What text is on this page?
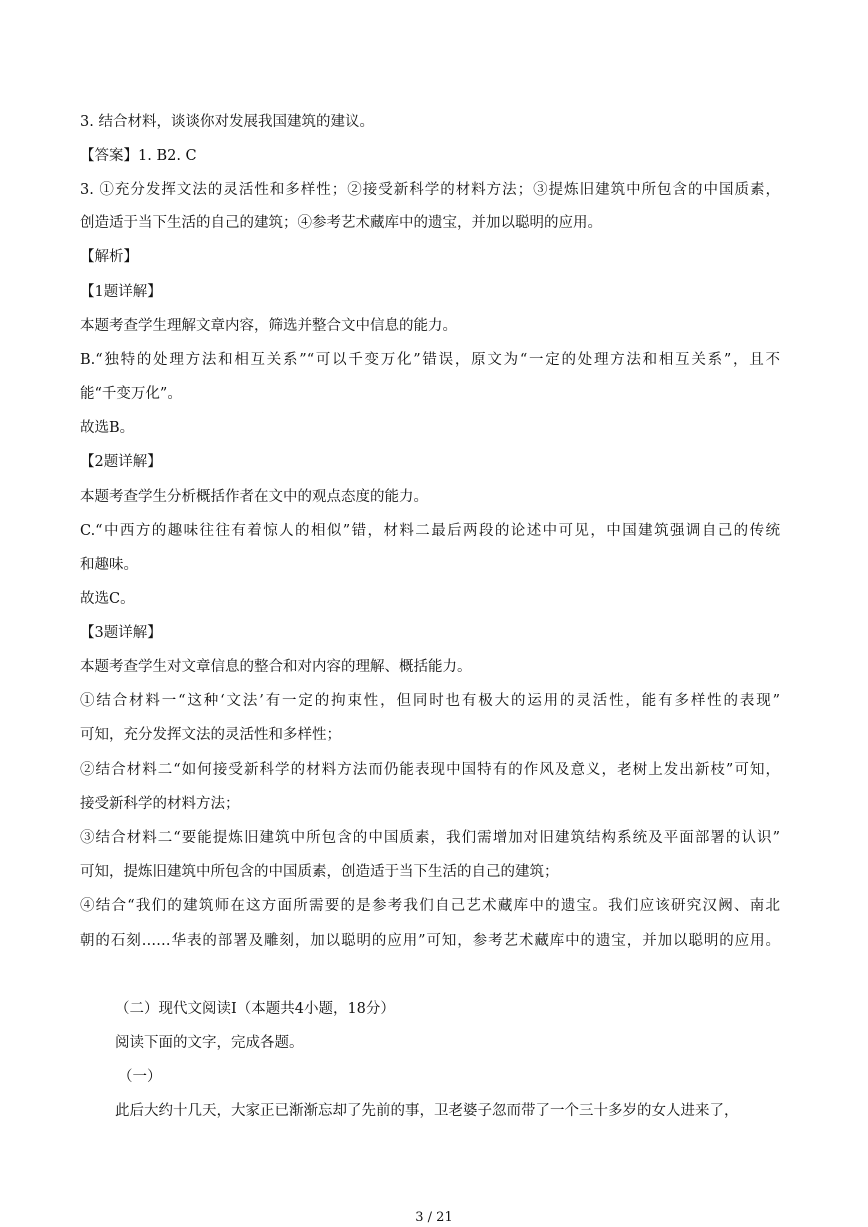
3. 结合材料，谈谈你对发展我国建筑的建议。
【答案】1. B2. C
3. ①充分发挥文法的灵活性和多样性；②接受新科学的材料方法；③提炼旧建筑中所包含的中国质素，
创造适于当下生活的自己的建筑；④参考艺术藏库中的遗宝，并加以聪明的应用。
【解析】
【1题详解】
本题考查学生理解文章内容，筛选并整合文中信息的能力。
B.“独特的处理方法和相互关系”“可以千变万化”错误，原文为“一定的处理方法和相互关系”，且不
能“千变万化”。
故选B。
【2题详解】
本题考查学生分析概括作者在文中的观点态度的能力。
C.“中西方的趣味往往有着惊人的相似”错，材料二最后两段的论述中可见，中国建筑强调自己的传统
和趣味。
故选C。
【3题详解】
本题考查学生对文章信息的整合和对内容的理解、概括能力。
①结合材料一“这种‘文法’有一定的拘束性，但同时也有极大的运用的灵活性，能有多样性的表现”
可知，充分发挥文法的灵活性和多样性；
②结合材料二“如何接受新科学的材料方法而仍能表现中国特有的作风及意义，老树上发出新枝”可知，
接受新科学的材料方法；
③结合材料二“要能提炼旧建筑中所包含的中国质素，我们需增加对旧建筑结构系统及平面部署的认识”
可知，提炼旧建筑中所包含的中国质素，创造适于当下生活的自己的建筑；
④结合“我们的建筑师在这方面所需要的是参考我们自己艺术藏库中的遗宝。我们应该研究汉阙、南北
朝的石刻……华表的部署及雕刻，加以聪明的应用”可知，参考艺术藏库中的遗宝，并加以聪明的应用。
（二）现代文阅读Ⅰ（本题共4小题，18分）
阅读下面的文字，完成各题。
（一）
此后大约十几天，大家正已渐渐忘却了先前的事，卫老婆子忽而带了一个三十多岁的女人进来了，
3 / 21
